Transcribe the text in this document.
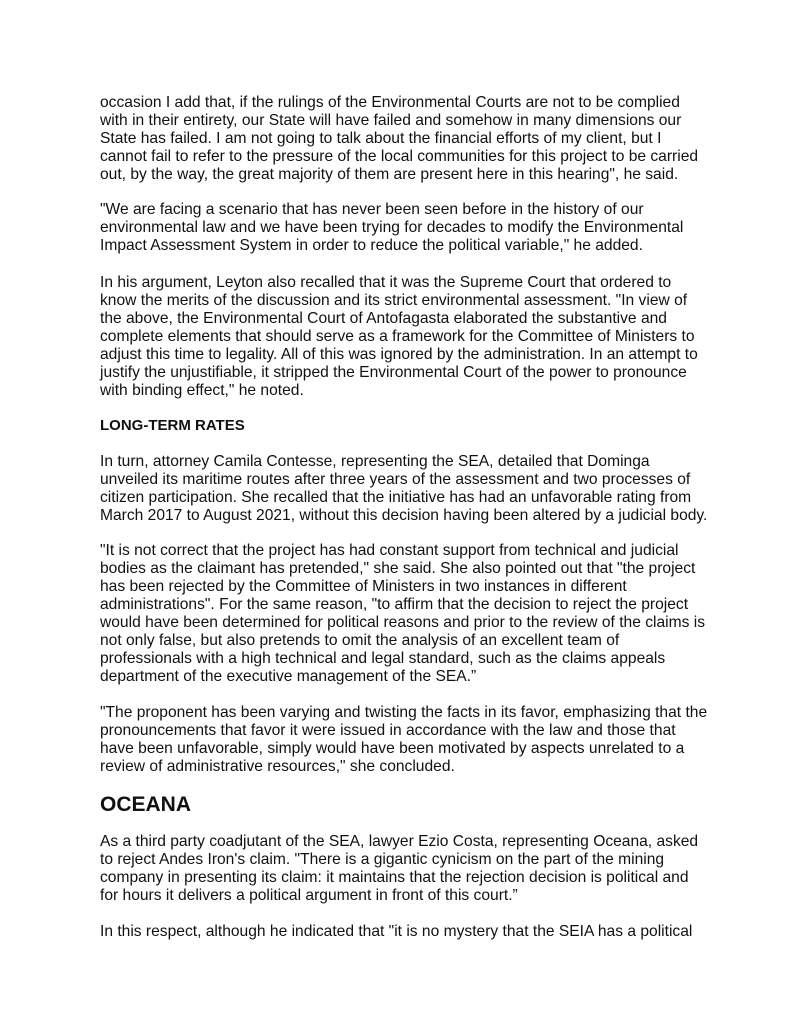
occasion I add that, if the rulings of the Environmental Courts are not to be complied
with in their entirety, our State will have failed and somehow in many dimensions our
State has failed. I am not going to talk about the financial efforts of my client, but I
cannot fail to refer to the pressure of the local communities for this project to be carried
out, by the way, the great majority of them are present here in this hearing", he said.
"We are facing a scenario that has never been seen before in the history of our
environmental law and we have been trying for decades to modify the Environmental
Impact Assessment System in order to reduce the political variable," he added.
In his argument, Leyton also recalled that it was the Supreme Court that ordered to
know the merits of the discussion and its strict environmental assessment. "In view of
the above, the Environmental Court of Antofagasta elaborated the substantive and
complete elements that should serve as a framework for the Committee of Ministers to
adjust this time to legality. All of this was ignored by the administration. In an attempt to
justify the unjustifiable, it stripped the Environmental Court of the power to pronounce
with binding effect," he noted.
LONG-TERM RATES
In turn, attorney Camila Contesse, representing the SEA, detailed that Dominga
unveiled its maritime routes after three years of the assessment and two processes of
citizen participation. She recalled that the initiative has had an unfavorable rating from
March 2017 to August 2021, without this decision having been altered by a judicial body.
"It is not correct that the project has had constant support from technical and judicial
bodies as the claimant has pretended," she said. She also pointed out that "the project
has been rejected by the Committee of Ministers in two instances in different
administrations". For the same reason, "to affirm that the decision to reject the project
would have been determined for political reasons and prior to the review of the claims is
not only false, but also pretends to omit the analysis of an excellent team of
professionals with a high technical and legal standard, such as the claims appeals
department of the executive management of the SEA.”
"The proponent has been varying and twisting the facts in its favor, emphasizing that the
pronouncements that favor it were issued in accordance with the law and those that
have been unfavorable, simply would have been motivated by aspects unrelated to a
review of administrative resources," she concluded.
OCEANA
As a third party coadjutant of the SEA, lawyer Ezio Costa, representing Oceana, asked
to reject Andes Iron's claim. "There is a gigantic cynicism on the part of the mining
company in presenting its claim: it maintains that the rejection decision is political and
for hours it delivers a political argument in front of this court.”
In this respect, although he indicated that "it is no mystery that the SEIA has a political
